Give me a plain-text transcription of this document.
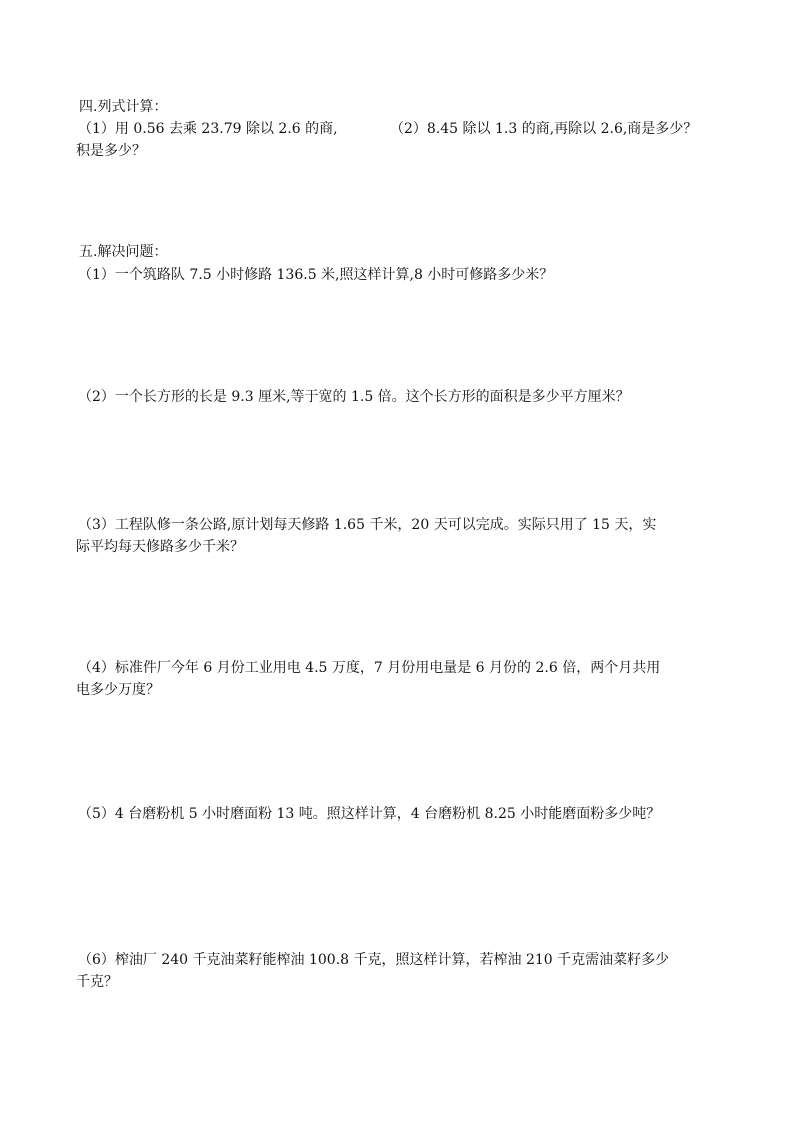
四.列式计算：
（1）用 0.56 去乘 23.79 除以 2.6 的商,	（2）8.45 除以 1.3 的商,再除以 2.6,商是多少？
积是多少？
五.解决问题：
（1）一个筑路队 7.5 小时修路 136.5 米,照这样计算,8 小时可修路多少米？
（2）一个长方形的长是 9.3 厘米,等于宽的 1.5 倍。这个长方形的面积是多少平方厘米？
（3）工程队修一条公路,原计划每天修路 1.65 千米，20 天可以完成。实际只用了 15 天，实
际平均每天修路多少千米？
（4）标准件厂今年 6 月份工业用电 4.5 万度，7 月份用电量是 6 月份的 2.6 倍，两个月共用
电多少万度？
（5）4 台磨粉机 5 小时磨面粉 13 吨。照这样计算，4 台磨粉机 8.25 小时能磨面粉多少吨？
（6）榨油厂 240 千克油菜籽能榨油 100.8 千克，照这样计算，若榨油 210 千克需油菜籽多少
千克？
